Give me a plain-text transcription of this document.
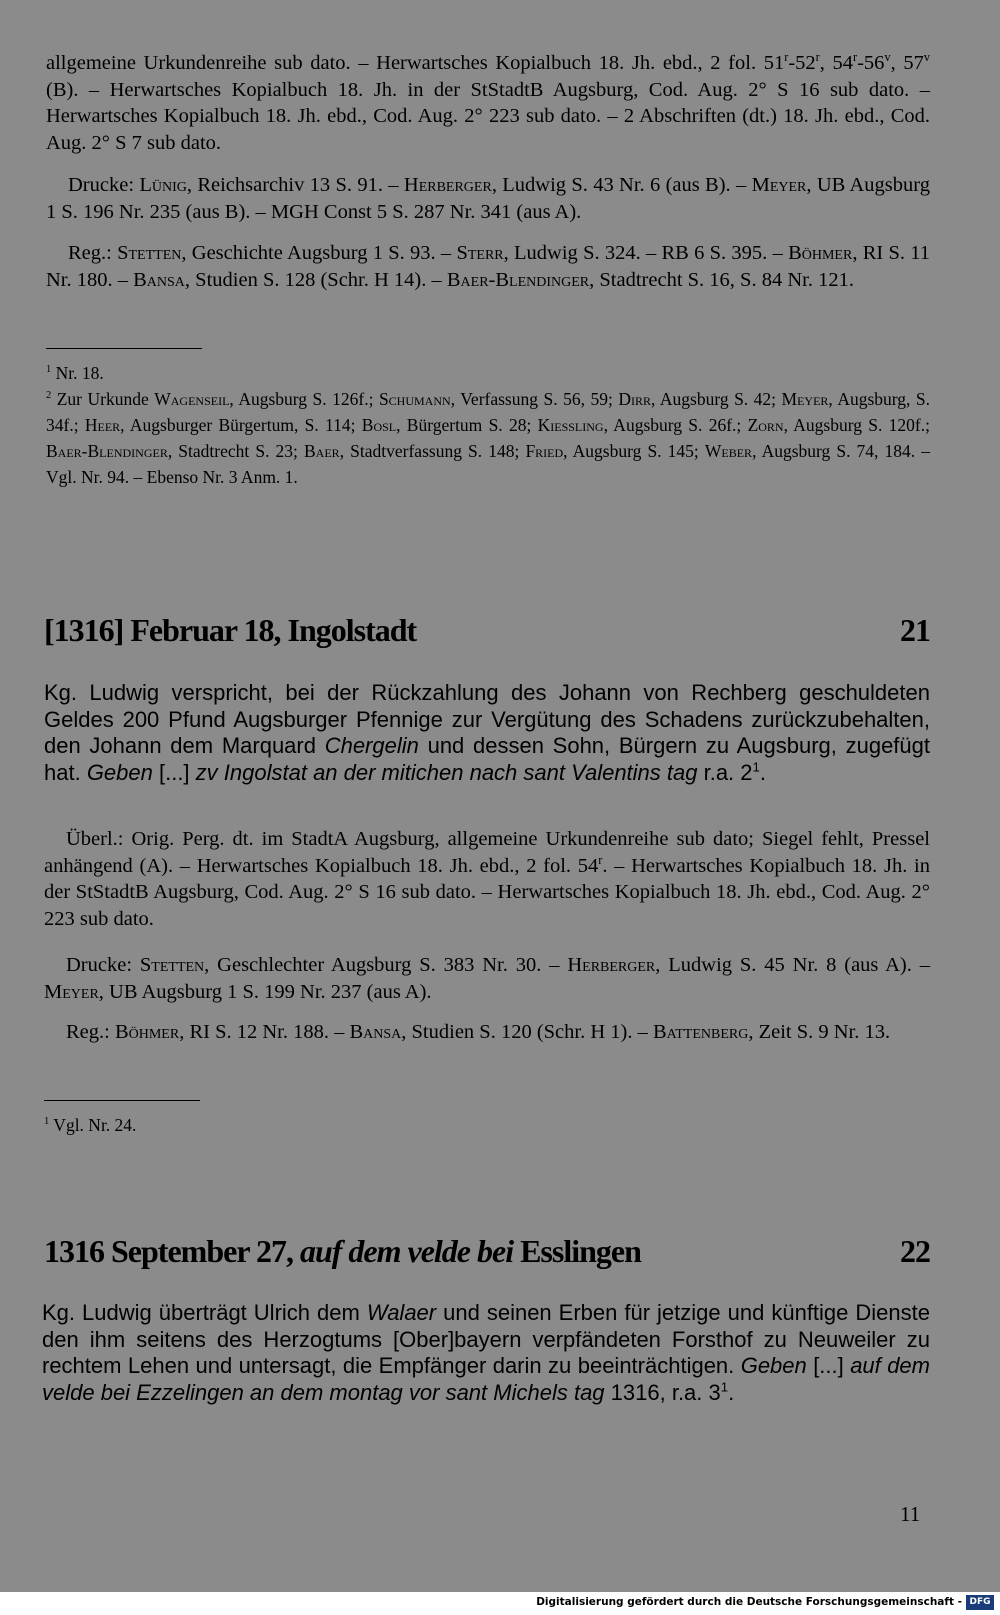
allgemeine Urkundenreihe sub dato. – Herwartsches Kopialbuch 18. Jh. ebd., 2 fol. 51$^r$-52$^r$, 54$^r$-56$^v$, 57$^v$ (B). – Herwartsches Kopialbuch 18. Jh. in der StStadtB Augsburg, Cod. Aug. 2° S 16 sub dato. – Herwartsches Kopialbuch 18. Jh. ebd., Cod. Aug. 2° 223 sub dato. – 2 Abschriften (dt.) 18. Jh. ebd., Cod. Aug. 2° S 7 sub dato.

Drucke: Lünig, Reichsarchiv 13 S. 91. – Herberger, Ludwig S. 43 Nr. 6 (aus B). – Meyer, UB Augsburg 1 S. 196 Nr. 235 (aus B). – MGH Const 5 S. 287 Nr. 341 (aus A).

Reg.: Stetten, Geschichte Augsburg 1 S. 93. – Sterr, Ludwig S. 324. – RB 6 S. 395. – Böhmer, RI S. 11 Nr. 180. – Bansa, Studien S. 128 (Schr. H 14). – Baer-Blendinger, Stadtrecht S. 16, S. 84 Nr. 121.

$^1$ Nr. 18.

$^2$ Zur Urkunde Wagenseil, Augsburg S. 126f.; Schumann, Verfassung S. 56, 59; Dirr, Augsburg S. 42; Meyer, Augsburg, S. 34f.; Heer, Augsburger Bürgertum, S. 114; Bosl, Bürgertum S. 28; Kiessling, Augsburg S. 26f.; Zorn, Augsburg S. 120f.; Baer-Blendinger, Stadtrecht S. 23; Baer, Stadtverfassung S. 148; Fried, Augsburg S. 145; Weber, Augsburg S. 74, 184. – Vgl. Nr. 94. – Ebenso Nr. 3 Anm. 1.

[1316] Februar 18, Ingolstadt	21

Kg. Ludwig verspricht, bei der Rückzahlung des Johann von Rechberg geschuldeten Geldes 200 Pfund Augsburger Pfennige zur Vergütung des Schadens zurückzubehalten, den Johann dem Marquard Chergelin und dessen Sohn, Bürgern zu Augsburg, zugefügt hat. Geben [...] zv Ingolstat an der mitichen nach sant Valentins tag r.a. $2^1$.

Überl.: Orig. Perg. dt. im StadtA Augsburg, allgemeine Urkundenreihe sub dato; Siegel fehlt, Pressel anhängend (A). – Herwartsches Kopialbuch 18. Jh. ebd., 2 fol. 54$^r$. – Herwartsches Kopialbuch 18. Jh. in der StStadtB Augsburg, Cod. Aug. 2° S 16 sub dato. – Herwartsches Kopialbuch 18. Jh. ebd., Cod. Aug. 2° 223 sub dato.

Drucke: Stetten, Geschlechter Augsburg S. 383 Nr. 30. – Herberger, Ludwig S. 45 Nr. 8 (aus A). – Meyer, UB Augsburg 1 S. 199 Nr. 237 (aus A).

Reg.: Böhmer, RI S. 12 Nr. 188. – Bansa, Studien S. 120 (Schr. H 1). – Battenberg, Zeit S. 9 Nr. 13.

$^1$ Vgl. Nr. 24.

1316 September 27, auf dem velde bei Esslingen	22

Kg. Ludwig überträgt Ulrich dem Walaer und seinen Erben für jetzige und künftige Dienste den ihm seitens des Herzogtums [Ober]bayern verpfändeten Forsthof zu Neuweiler zu rechtem Lehen und untersagt, die Empfänger darin zu beeinträchtigen. Geben [...] auf dem velde bei Ezzelingen an dem montag vor sant Michels tag 1316, r.a. $3^1$.

11
Digitalisierung gefördert durch die Deutsche Forschungsgemeinschaft - DFG
